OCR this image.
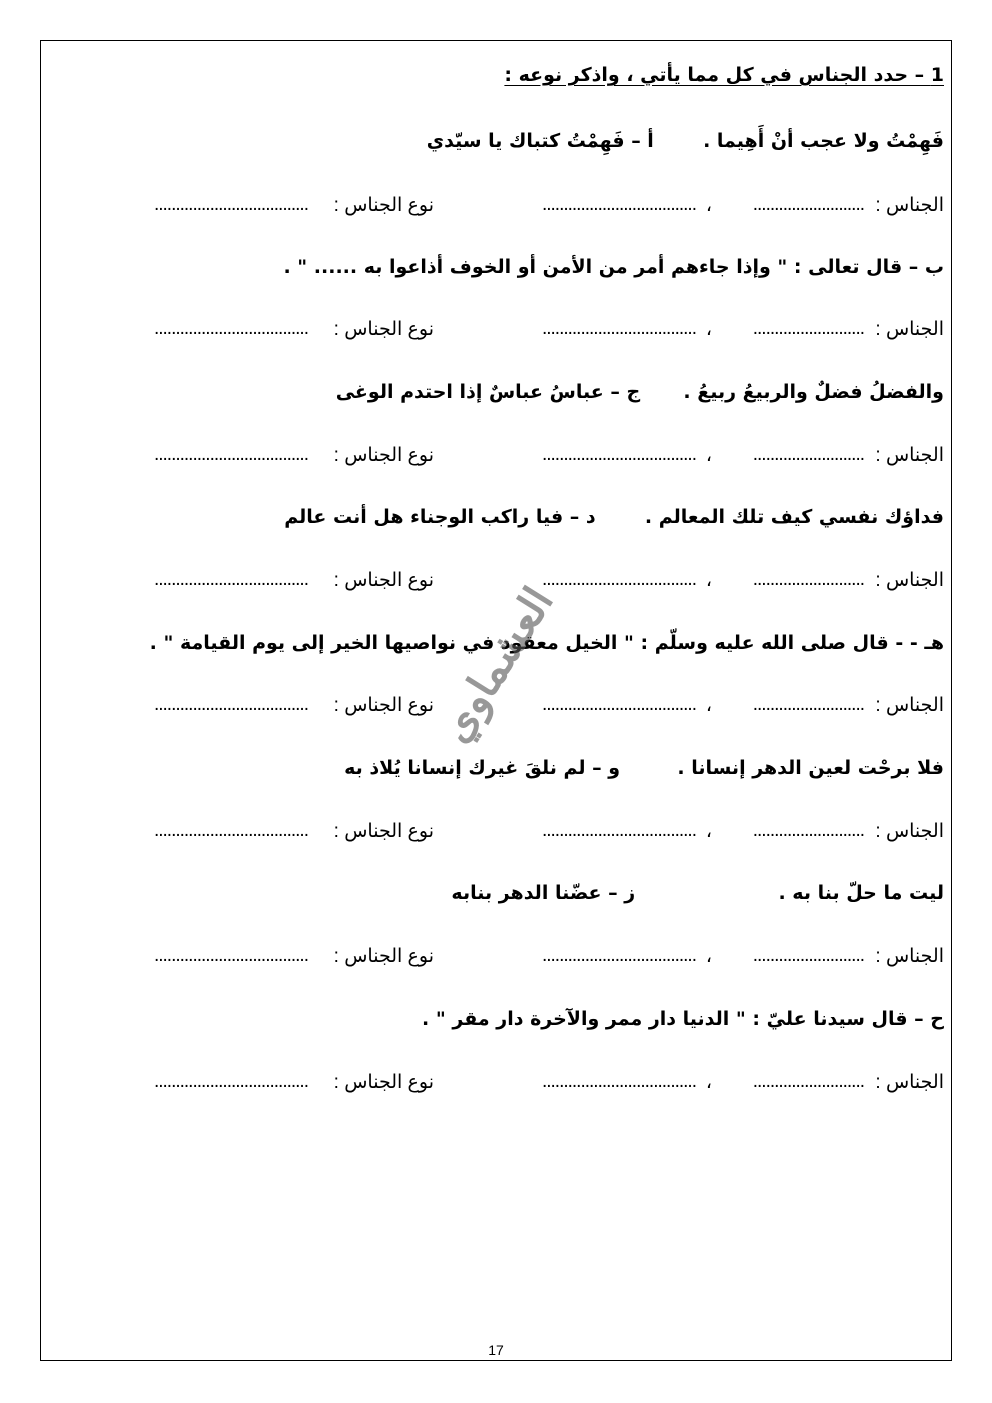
1 – حدد الجناس في كل مما يأتي ، واذكر نوعه :
أ – فَهِمْتُ كتباك يا سيّدي	فَهِمْتُ ولا عجب أنْ أَهِيما .
الجناس :
..........................
،
....................................
نوع الجناس :
....................................
ب – قال تعالى : " وإذا جاءهم أمر من الأمن أو الخوف أذاعوا به ...... " .
الجناس :
..........................
،
....................................
نوع الجناس :
....................................
ج – عباسُ عباسٌ إذا احتدم الوغى والفضلُ فضلٌ والربيعُ ربيعُ .
الجناس :
..........................
،
....................................
نوع الجناس :
....................................
د – فيا راكب الوجناء هل أنت عالم	فداؤك نفسي كيف تلك المعالم .
الجناس :
..........................
،
....................................
نوع الجناس :
....................................
هـ - - قال صلى الله عليه وسلّم : " الخيل معقود في نواصيها الخير إلى يوم القيامة " .
الجناس :
..........................
،
....................................
نوع الجناس :
....................................
و – لم نلقَ غيرك إنسانا يُلاذ به	فلا برحْت لعين الدهر إنسانا .
الجناس :
..........................
،
....................................
نوع الجناس :
....................................
ز – عضّنا الدهر بنابه	ليت ما حلّ بنا به .
الجناس :
..........................
،
....................................
نوع الجناس :
....................................
ح – قال سيدنا عليّ : " الدنيا دار ممر والآخرة دار مقر " .
الجناس :
..........................
،
....................................
نوع الجناس :
....................................
العشماوي
17
